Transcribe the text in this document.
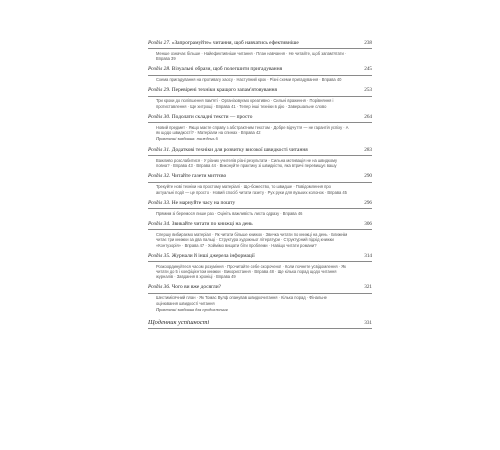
Розділ 27. «Запрограмуйте» читання, щоб навчатись ефективніше	238
Менше означає більше · Найефективніше читання · План навчання · Не читайте, щоб запам'ятати · Вправа 39
Розділ 28. Візуальні образи, щоб полегшити пригадування	245
Схема пригадування на противагу хаосу · Наступний крок · Різні схеми пригадування · Вправа 40
Розділ 29. Перевірені техніки кращого запам'ятовування	253
Три кроки до поліпшення пам'яті · Організовуємо креативно · Сильні враження · Порівняння і протиставлення · Ще хитрощі · Вправа 41 · Тепер інші техніки в дію · Завершальне слово
Розділ 30. Подолати складні тексти — просто	264
Новий предмет · Якщо маєте справу з абстрактним текстом · Добре відчуття — не гарантія успіху · А як щодо швидкості? · Матеріали на спинах · Вправа 42
Практичні завдання: тиждень 6
Розділ 31. Додаткові техніки для розвитку високої швидкості читання	283
Важливо розслабитися · У різних учителів різні результати · Сильна мотивація не на швидкому повна? · Вправа 43 · Вправа 44 · Виконуйте практику зі швидкістю, яка втричі перевищує вашу
Розділ 32. Читайте газети миттєво	290
Трекуйте нові техніки на простому матеріалі · Що-божество, то швидше · Повідомлення про актуальні події — це просто · Новий спосіб читати газету · Рух руки для вузьких колонок · Вправа 45
Розділ 33. Не марнуйте часу на пошту	296
Прямим зі беремося лише раз · Оцініть важливість листа одразу · Вправа 46
Розділ 34. Звикайте читати по книжці на день	306
Спершу вибираємо матеріал · Як читати більше книжок · Звичка читати по книжці на день · Ближнім читає три книжки за два пальці · Структура художньої літератури · Структурний підхід книжки «Контузорія» · Вправа 47 · Хоймімо вищати біти проблеми · Навіщо читати романи?
Розділ 35. Журнали й інші джерела інформації	314
Розкоординуйтеся часом розуміння · Прочитайте себе скорочено! · Коли почнете усвідомлення · Як читати до 5 і коефіцієнтом книжки · Використання · Вправа 48 · Ще кілька порад щодо читання журналів · Завдання в хроніці · Вправа 49
Розділ 36. Чого ви вже досягли?	321
Шестимісячний план · Як Томас Вулф опанував швидкочитання · Кілька порад · Фінальне оцінювання швидкості читання
Практичні завдання для продовження
Щоденник успішності	331
